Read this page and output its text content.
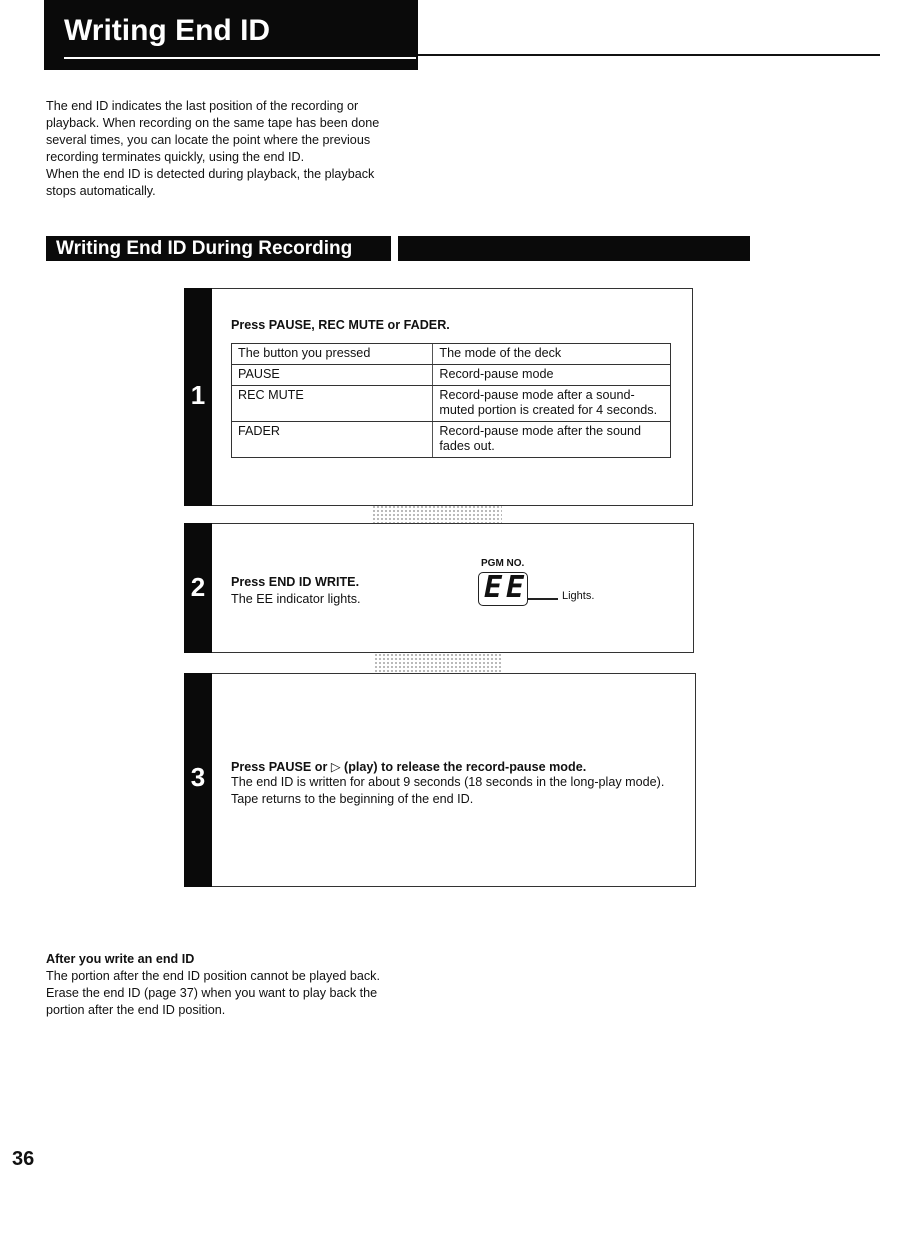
Writing End ID

The end ID indicates the last position of the recording or

playback. When recording on the same tape has been done

several times, you can locate the point where the previous

recording terminates quickly, using the end ID.

When the end ID is detected during playback, the playback

stops automatically.

Writing End ID During Recording
1
Press PAUSE, REC MUTE or FADER.
The button you pressed	The mode of the deck
PAUSE	Record-pause mode
REC MUTE	Record-pause mode after a sound-muted portion is created for 4 seconds.
FADER	Record-pause mode after the sound fades out.
2	Press END ID WRITE.
The EE indicator lights.
PGM NO.
EE	Lights.
3	Press PAUSE or ▷ (play) to release the record-pause mode.
The end ID is written for about 9 seconds (18 seconds in the long-play mode). Tape returns to the beginning of the end ID.
After you write an end ID
The portion after the end ID position cannot be played back.
Erase the end ID (page 37) when you want to play back the
portion after the end ID position.
36
